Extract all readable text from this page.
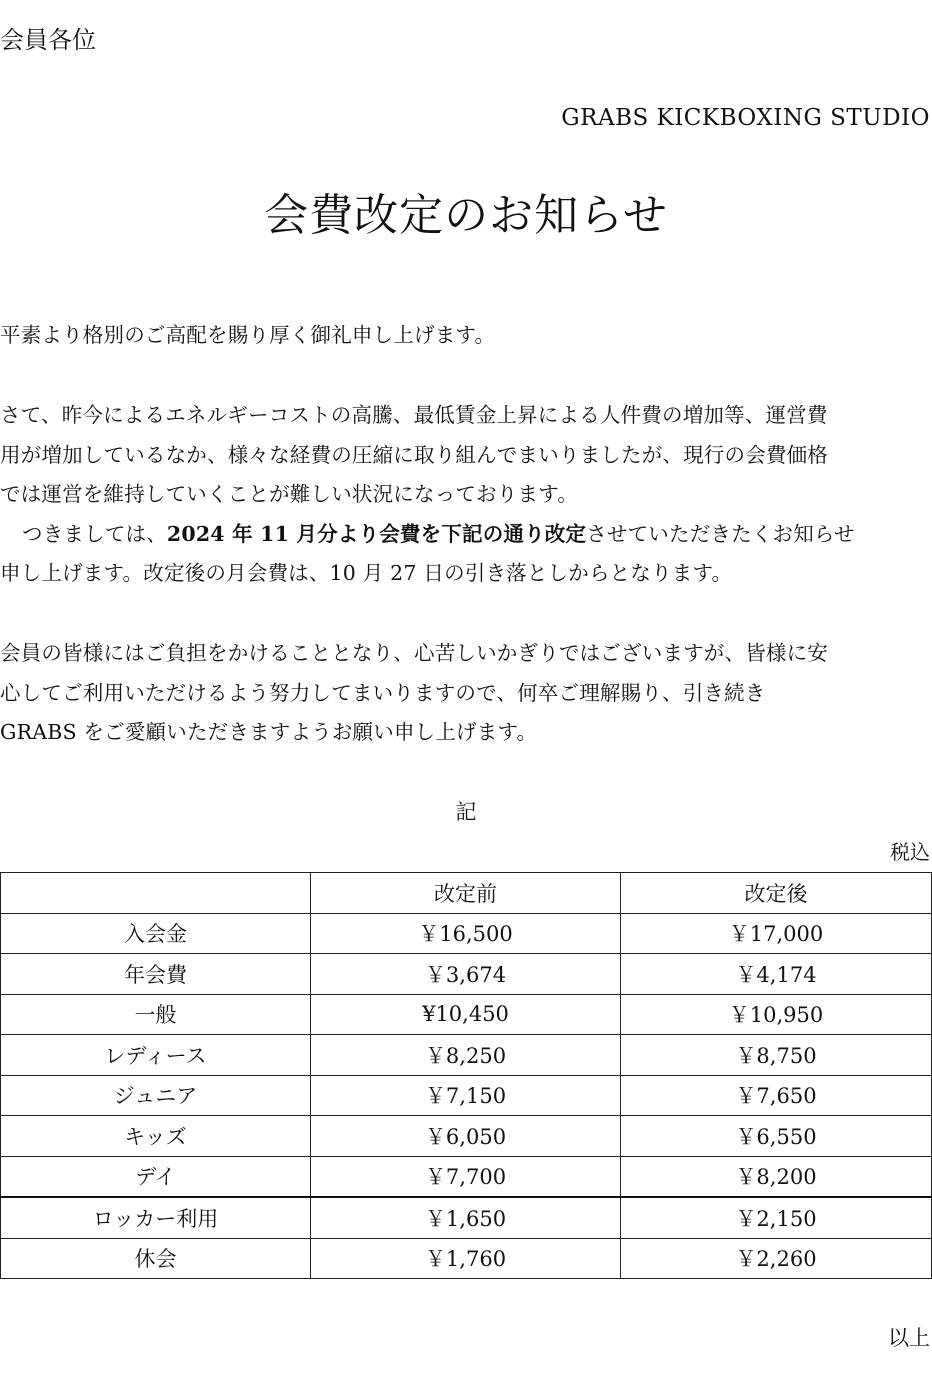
会員各位
GRABS KICKBOXING STUDIO
会費改定のお知らせ
平素より格別のご高配を賜り厚く御礼申し上げます。
さて、昨今によるエネルギーコストの高騰、最低賃金上昇による人件費の増加等、運営費
用が増加しているなか、様々な経費の圧縮に取り組んでまいりましたが、現行の会費価格
では運営を維持していくことが難しい状況になっております。
つきましては、2024 年 11 月分より会費を下記の通り改定させていただきたくお知らせ
申し上げます。改定後の月会費は、10 月 27 日の引き落としからとなります。
会員の皆様にはご負担をかけることとなり、心苦しいかぎりではございますが、皆様に安
心してご利用いただけるよう努力してまいりますので、何卒ご理解賜り、引き続き
GRABS をご愛顧いただきますようお願い申し上げます。
記
税込
	改定前	改定後
入会金	￥16,500	￥17,000
年会費	￥3,674	￥4,174
一般	¥10,450	￥10,950
レディース	￥8,250	￥8,750
ジュニア	￥7,150	￥7,650
キッズ	￥6,050	￥6,550
デイ	￥7,700	￥8,200
ロッカー利用	￥1,650	￥2,150
休会	￥1,760	￥2,260
以上
